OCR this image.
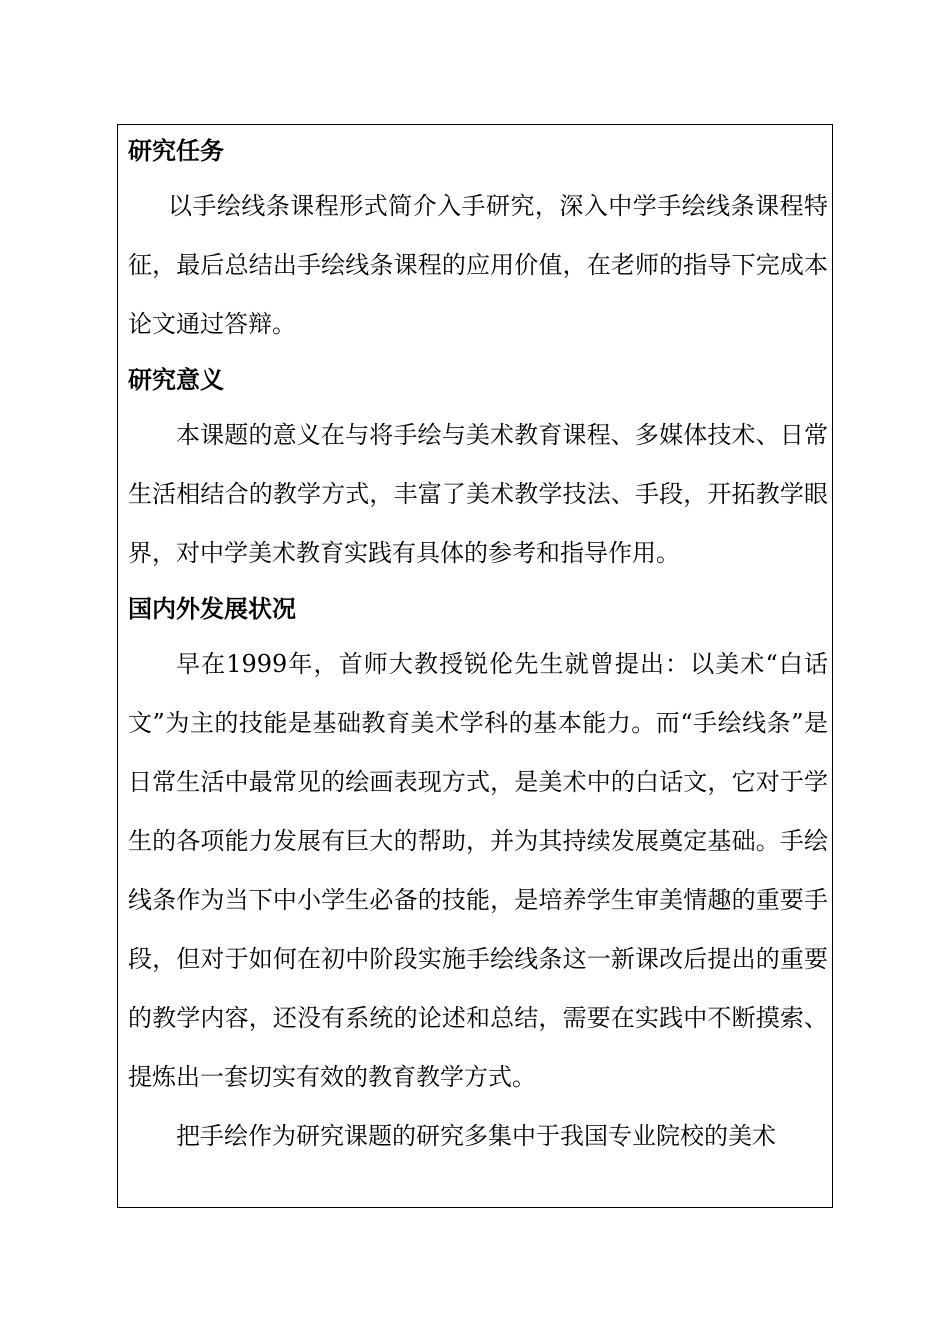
研究任务
以手绘线条课程形式简介入手研究，深入中学手绘线条课程特征，最后总结出手绘线条课程的应用价值，在老师的指导下完成本论文通过答辩。
研究意义
本课题的意义在与将手绘与美术教育课程、多媒体技术、日常生活相结合的教学方式，丰富了美术教学技法、手段，开拓教学眼界，对中学美术教育实践有具体的参考和指导作用。
国内外发展状况
早在1999年，首师大教授锐伦先生就曾提出：以美术“白话文”为主的技能是基础教育美术学科的基本能力。而“手绘线条”是日常生活中最常见的绘画表现方式，是美术中的白话文，它对于学生的各项能力发展有巨大的帮助，并为其持续发展奠定基础。手绘线条作为当下中小学生必备的技能，是培养学生审美情趣的重要手段，但对于如何在初中阶段实施手绘线条这一新课改后提出的重要的教学内容，还没有系统的论述和总结，需要在实践中不断摸索、提炼出一套切实有效的教育教学方式。
把手绘作为研究课题的研究多集中于我国专业院校的美术
